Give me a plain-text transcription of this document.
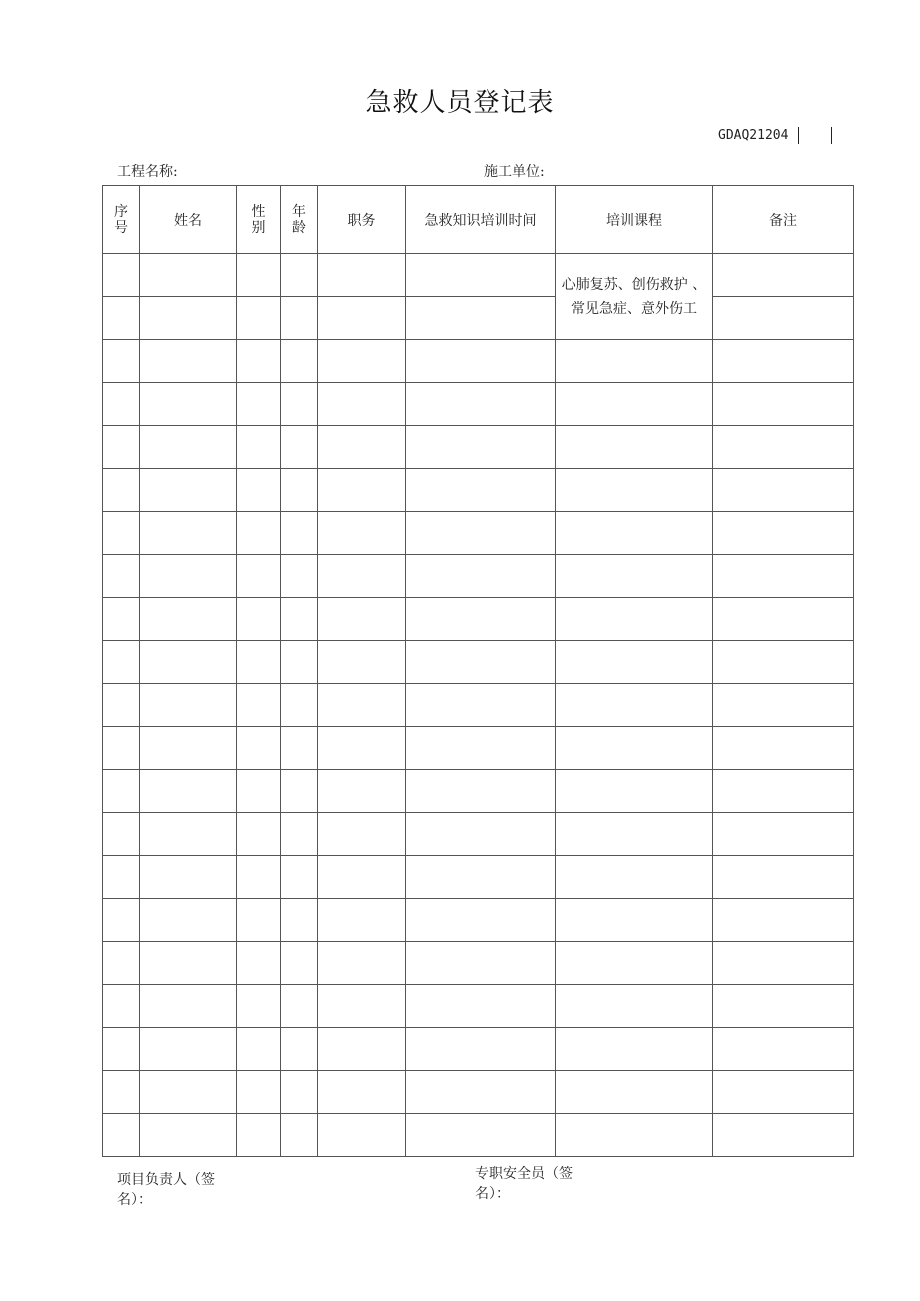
急救人员登记表
GDAQ21204
工程名称:	施工单位:
序号	姓名	性别	年龄	职务	急救知识培训时间	培训课程	备注
						心肺复苏、创伤救护 、常见急症、意外伤工	

项目负责人（签名）：
专职安全员（签名）：
